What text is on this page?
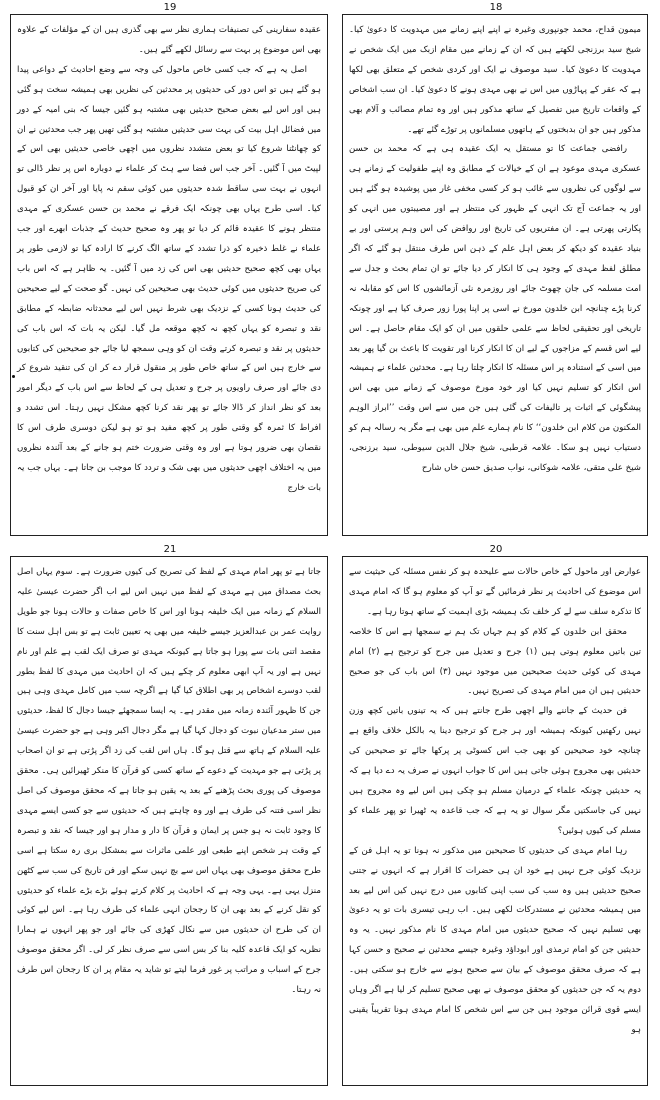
18

میمون قداح، محمد جونپوری وغیرہ نے اپنے اپنے زمانے میں مہدویت کا دعویٰ کیا۔ شیخ سید برزنجی لکھتے ہیں کہ ان کے زمانے میں مقام ازبک میں ایک شخص نے مہدویت کا دعویٰ کیا۔ سید موصوف نے ایک اور کردی شخص کے متعلق بھی لکھا ہے کہ عقر کے پہاڑوں میں اس نے بھی مہدی ہونے کا دعویٰ کیا۔ ان سب اشخاص کے واقعات تاریخ میں تفصیل کے ساتھ مذکور ہیں اور وہ تمام مصائب و آلام بھی مذکور ہیں جو ان بدبختوں کے ہاتھوں مسلمانوں پر توڑے گئے تھے۔

رافضی جماعت کا تو مستقل یہ ایک عقیدہ ہی ہے کہ محمد بن حسن عسکری مہدی موعود ہے ان کے خیالات کے مطابق وہ اپنے طفولیت کے زمانے ہی سے لوگوں کی نظروں سے غائب ہو کر کسی مخفی غار میں پوشیدہ ہو گئے ہیں اور یہ جماعت آج تک انہی کے ظہور کی منتظر ہے اور مصیبتوں میں انہی کو پکارتی پھرتی ہے۔ ان مفتریوں کی تاریخ اور روافض کی اس وہم پرستی اور بے بنیاد عقیدہ کو دیکھ کر بعض اہل علم کے ذہن اس طرف منتقل ہو گئے کہ اگر مطلق لفظ مہدی کے وجود ہی کا انکار کر دیا جائے تو ان تمام بحث و جدل سے امت مسلمہ کی جان چھوٹ جائے اور روزمرہ نئی آزمائشوں کا اس کو مقابلہ نہ کرنا پڑے چنانچہ ابن خلدون مورخ نے اسی پر اپنا پورا زور صرف کیا ہے اور چونکہ تاریخی اور تحقیقی لحاظ سے علمی حلقوں میں ان کو ایک مقام حاصل ہے۔ اس لیے اس قسم کے مزاجوں کے لیے ان کا انکار کرنا اور تقویت کا باعث بن گیا پھر بعد میں اسی کے استنادہ پر اس مسئلہ کا انکار چلتا رہا ہے۔ محدثین علماء نے ہمیشہ اس انکار کو تسلیم نہیں کیا اور خود مورخ موصوف کے زمانے میں بھی اس پیشگوئی کے اثبات پر تالیفات کی گئی ہیں جن میں سے اس وقت ’’ابراز الوہم المکنون من کلام ابن خلدون‘‘ کا نام ہمارے علم میں بھی ہے مگر یہ رسالہ ہم کو دستیاب نہیں ہو سکا۔ علامہ قرطبی، شیخ جلال الدین سیوطی، سید برزنجی، شیخ علی متقی، علامہ شوکانی، نواب صدیق حسن خاں شارح

19

عقیدہ سفارینی کی تصنیفات ہماری نظر سے بھی گذری ہیں ان کے مؤلفات کے علاوہ بھی اس موضوع پر بہت سے رسائل لکھے گئے ہیں۔

اصل یہ ہے کہ جب کسی خاص ماحول کی وجہ سے وضع احادیث کے دواعی پیدا ہو گئے ہیں تو اس دور کی حدیثوں پر محدثین کی نظریں بھی ہمیشہ سخت ہو گئی ہیں اور اس لیے بعض صحیح حدیثیں بھی مشتبہ ہو گئیں جیسا کہ بنی امیہ کے دور میں فضائل اہل بیت کی بہت سی حدیثیں مشتبہ ہو گئی تھیں پھر جب محدثین نے ان کو چھانٹنا شروع کیا تو بعض متشدد نظروں میں اچھی خاصی حدیثیں بھی اس کے لپیٹ میں آ گئیں۔ آخر جب اس فضا سے ہٹ کر علماء نے دوبارہ اس پر نظر ڈالی تو انہوں نے بہت سی ساقط شدہ حدیثوں میں کوئی سقم نہ پایا اور آخر ان کو قبول کیا۔ اسی طرح یہاں بھی چونکہ ایک فرقے نے محمد بن حسن عسکری کے مہدی منتظر ہونے کا عقیدہ قائم کر دیا تو پھر وہ صحیح حدیث کے جذبات ابھرے اور جب علماء نے غلط ذخیرہ کو ذرا تشدد کے ساتھ الگ کرنے کا ارادہ کیا تو لازمی طور پر یہاں بھی کچھ صحیح حدیثیں بھی اس کی زد میں آ گئیں۔ یہ ظاہر ہے کہ اس باب کی صریح حدیثوں میں کوئی حدیث بھی صحیحین کی نہیں۔ گو صحت کے لیے صحیحین کی حدیث ہونا کسی کے نزدیک بھی شرط نہیں اس لیے محدثانہ ضابطہ کے مطابق نقد و تبصرہ کو یہاں کچھ نہ کچھ موقعہ مل گیا۔ لیکن یہ بات کہ اس باب کی حدیثوں پر نقد و تبصرہ کرتے وقت ان کو وہی سمجھ لیا جائے جو صحیحین کی کتابوں سے خارج ہیں اس کے ساتھ خاص طور پر منقول قرار دے کر ان کی تنقید شروع کر دی جائے اور صرف راویوں پر جرح و تعدیل ہی کے لحاظ سے اس باب کے دیگر امور بعد کو نظر انداز کر ڈالا جائے تو پھر نقد کرنا کچھ مشکل نہیں رہتا۔ اس تشدد و افراط کا ثمرہ گو وقتی طور پر کچھ مفید ہو تو ہو لیکن دوسری طرف اس کا نقصان بھی ضرور ہوتا ہے اور وہ وقتی ضرورت ختم ہو جانے کے بعد آئندہ نظروں میں یہ اختلاف اچھی حدیثوں میں بھی شک و تردد کا موجب بن جاتا ہے۔ یہاں جب یہ بات خارج

20

عوارض اور ماحول کے خاص حالات سے علیحدہ ہو کر نفس مسئلہ کی حیثیت سے اس موضوع کی احادیث پر نظر فرمائیں گے تو آپ کو معلوم ہو گا کہ امام مہدی کا تذکرہ سلف سے لے کر خلف تک ہمیشہ بڑی اہمیت کے ساتھ ہوتا رہا ہے۔

محقق ابن خلدون کے کلام کو ہم جہاں تک ہم نے سمجھا ہے اس کا خلاصہ تین باتیں معلوم ہوتی ہیں (۱) جرح و تعدیل میں جرح کو ترجیح ہے (۲) امام مہدی کی کوئی حدیث صحیحین میں موجود نہیں (۳) اس باب کی جو صحیح حدیثیں ہیں ان میں امام مہدی کی تصریح نہیں۔

فن حدیث کے جاننے والے اچھی طرح جانتے ہیں کہ یہ تینوں باتیں کچھ وزن نہیں رکھتیں کیونکہ ہمیشہ اور ہر جرح کو ترجیح دینا یہ بالکل خلاف واقع ہے چنانچہ خود صحیحین کو بھی جب اس کسوٹی پر پرکھا جائے تو صحیحین کی حدیثیں بھی مجروح ہوئی جاتی ہیں اس کا جواب انہوں نے صرف یہ دے دیا ہے کہ یہ حدیثیں چونکہ علماء کے درمیان مسلم ہو چکی ہیں اس لیے وہ مجروح ہیں نہیں کی جاسکتیں مگر سوال تو یہ ہے کہ جب قاعدہ یہ ٹھیرا تو پھر علماء کو مسلم کی کیوں ہوئیں؟

رہا امام مہدی کی حدیثوں کا صحیحین میں مذکور نہ ہونا تو یہ اہل فن کے نزدیک کوئی جرح نہیں ہے خود ان ہی حضرات کا اقرار ہے کہ انہوں نے جتنی صحیح حدیثیں ہیں وہ سب کی سب اپنی کتابوں میں درج نہیں کیں اس لیے بعد میں ہمیشہ محدثین نے مستدرکات لکھی ہیں۔ اب رہی تیسری بات تو یہ دعویٰ بھی تسلیم نہیں کہ صحیح حدیثوں میں امام مہدی کا نام مذکور نہیں۔ یہ وہ حدیثیں جن کو امام ترمذی اور ابوداؤد وغیرہ جیسے محدثین نے صحیح و حسن کہا ہے کہ صرف محقق موصوف کے بیان سے صحیح ہونے سے خارج ہو سکتی ہیں۔ دوم یہ کہ جن حدیثوں کو محقق موصوف نے بھی صحیح تسلیم کر لیا ہے اگر وہاں ایسے قوی قرائن موجود ہیں جن سے اس شخص کا امام مہدی ہونا تقریباً یقینی ہو

21

جاتا ہے تو پھر امام مہدی کے لفظ کی تصریح کی کیوں ضرورت ہے۔ سوم یہاں اصل بحث مصداق میں ہے مہدی کے لفظ میں نہیں اس لیے اب اگر حضرت عیسیٰ علیہ السلام کے زمانہ میں ایک خلیفہ ہونا اور اس کا خاص صفات و حالات ہونا جو طویل روایت عمر بن عبدالعزیز جیسے خلیفہ میں بھی یہ تعیین ثابت ہے تو بس اہل سنت کا مقصد اتنی بات سے پورا ہو جاتا ہے کیونکہ مہدی تو صرف ایک لقب ہے علم اور نام نہیں ہے اور یہ آپ ابھی معلوم کر چکے ہیں کہ ان احادیث میں مہدی کا لفظ بطور لقب دوسرے اشخاص پر بھی اطلاق کیا گیا ہے اگرچہ سب میں کامل مہدی وہی ہیں جن کا ظہور آئندہ زمانہ میں مقدر ہے۔ یہ ایسا سمجھئے جیسا دجال کا لفظ، حدیثوں میں ستر مدعیان نبوت کو دجال کہا گیا ہے مگر دجال اکبر وہی ہے جو حضرت عیسیٰ علیہ السلام کے ہاتھ سے قتل ہو گا۔ ہاں اس لقب کی زد اگر پڑتی ہے تو ان اصحاب پر پڑتی ہے جو مہدیت کے دعوے کے ساتھ کسی کو قرآن کا منکر ٹھیرائیں ہی۔ محقق موصوف کی پوری بحث پڑھنے کے بعد یہ یقین ہو جاتا ہے کہ محقق موصوف کی اصل نظر اسی فتنہ کی طرف ہے اور وہ چاہتے ہیں کہ حدیثوں سے جو کسی ایسے مہدی کا وجود ثابت نہ ہو جس پر ایمان و قرآن کا دار و مدار ہو اور جیسا کہ نقد و تبصرہ کے وقت ہر شخص اپنے طبعی اور علمی ماثرات سے بمشکل بری رہ سکتا ہے اسی طرح محقق موصوف بھی یہاں اس سے بچ نہیں سکے اور فن تاریخ کی سب سے کٹھن منزل یہی ہے۔ یہی وجہ ہے کہ احادیث پر کلام کرتے ہوئے بڑے بڑے علماء کو حدیثوں کو نقل کرنے کے بعد بھی ان کا رجحان انہی علماء کی طرف رہا ہے۔ اس لیے کوئی ان کی طرح ان حدیثوں میں سے نکال کھڑی کی جائے اور جو پھر انہوں نے ہمارا نظریہ کو ایک قاعدہ کلیہ بنا کر بس اسی سے صرف نظر کر لی۔ اگر محقق موصوف جرح کے اسباب و مراتب پر غور فرما لیتے تو شاید یہ مقام پر ان کا رجحان اس طرف نہ رہتا۔
